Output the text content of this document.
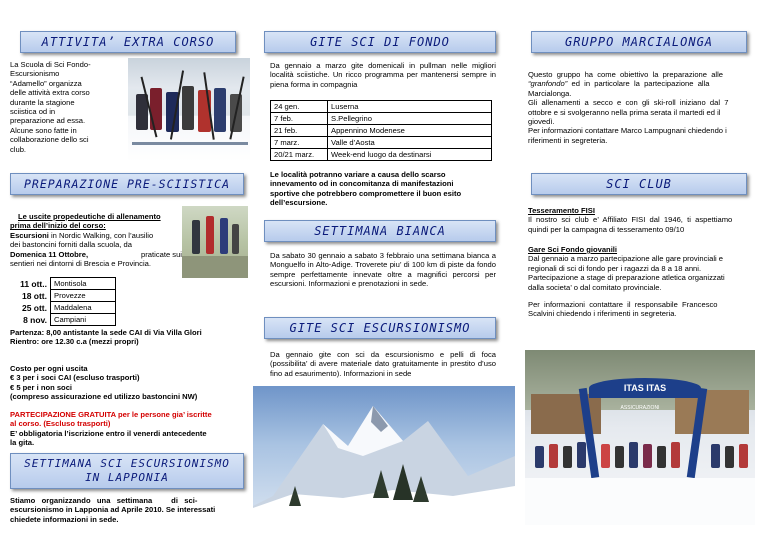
ATTIVITA’ EXTRA CORSO
La Scuola di Sci Fondo-
Escursionismo
“Adamello” organizza
delle attività extra corso
durante la stagione
sciistica od in
preparazione ad essa.
Alcune sono fatte in
collaborazione dello sci
club.
PREPARAZIONE PRE-SCIISTICA
Le uscite propedeutiche di allenamento
prima dell’inizio del corso:
Escursioni in Nordic Walking, con l’ausilio
dei bastoncini forniti dalla scuola, da
Domenica 11 Ottobre,	praticate sui
sentieri nei dintorni di Brescia e Provincia.
11 ott..	Montisola
18 ott.	Provezze
25 ott.	Maddalena
8 nov.	Campiani
Partenza: 8,00 antistante la sede CAI di Via Villa Glori
Rientro: ore 12.30 c.a (mezzi propri)
Costo per ogni uscita
€ 3 per i soci CAI (escluso trasporti)
€ 5 per i non soci
(compreso assicurazione ed utilizzo bastoncini NW)
PARTECIPAZIONE GRATUITA per le persone gia’ iscritte
al corso. (Escluso trasporti)
E’ obbligatoria l’iscrizione entro il venerdi antecedente
la gita.
SETTIMANA SCI ESCURSIONISMO
IN LAPPONIA
Stiamo   organizzando   una   settimana         di   sci-
escursionismo in Lapponia ad Aprile 2010. Se interessati
chiedete informazioni in sede.
GITE SCI DI FONDO
Da gennaio a marzo gite domenicali in pullman nelle migliori località sciistiche. Un ricco programma per mantenersi sempre in piena forma in compagnia
24 gen.	Luserna
7 feb.	S.Pellegrino
21 feb.	Appennino Modenese
7 marz.	Valle d’Aosta
20/21 marz.	Week-end luogo da destinarsi
Le località potranno variare a causa dello scarso
innevamento od in concomitanza di manifestazioni
sportive che potrebbero compromettere il buon esito
dell’escursione.
SETTIMANA BIANCA
Da sabato 30 gennaio a sabato 3 febbraio una settimana bianca a Monguelfo in Alto-Adige. Troverete piu’ di 100 km di piste da fondo sempre perfettamente innevate oltre a magnifici percorsi per escursioni. Informazioni e prenotazioni in sede.
GITE SCI ESCURSIONISMO
Da gennaio gite con sci da escursionismo e pelli di foca (possibilita’ di avere materiale dato gratuitamente in prestito d’uso fino ad esaurimento). Informazioni in sede
GRUPPO MARCIALONGA
Questo  gruppo  ha  come  obiettivo  la  preparazione  alle
“granfondo”  ed  in  particolare  la  partecipazione  alla
Marcialonga.
Gli  allenamenti  a  secco  e  con  gli  ski-roll  iniziano  dal  7
ottobre e si svolgeranno nella prima serata il martedi ed il
giovedì.
Per informazioni contattare Marco Lampugnani chiedendo i
riferimenti in segreteria.
SCI CLUB
Tesseramento FISI
Il  nostro  sci  club  e’  Affiliato  FISI  dal  1946,  ti  aspettiamo
quindi per la campagna di tesseramento 09/10
Gare Sci Fondo giovanili
Dal gennaio a marzo partecipazione alle gare provinciali e
regionali di sci di fondo per i ragazzi da 8 a 18 anni.
Partecipazione a stage di preparazione atletica organizzati
dalla societa’ o dal comitato provinciale.
Per  informazioni  contattare  il  responsabile  Francesco
Scalvini chiedendo i riferimenti in segreteria.
ITAS ITAS
ASSICURAZIONI
